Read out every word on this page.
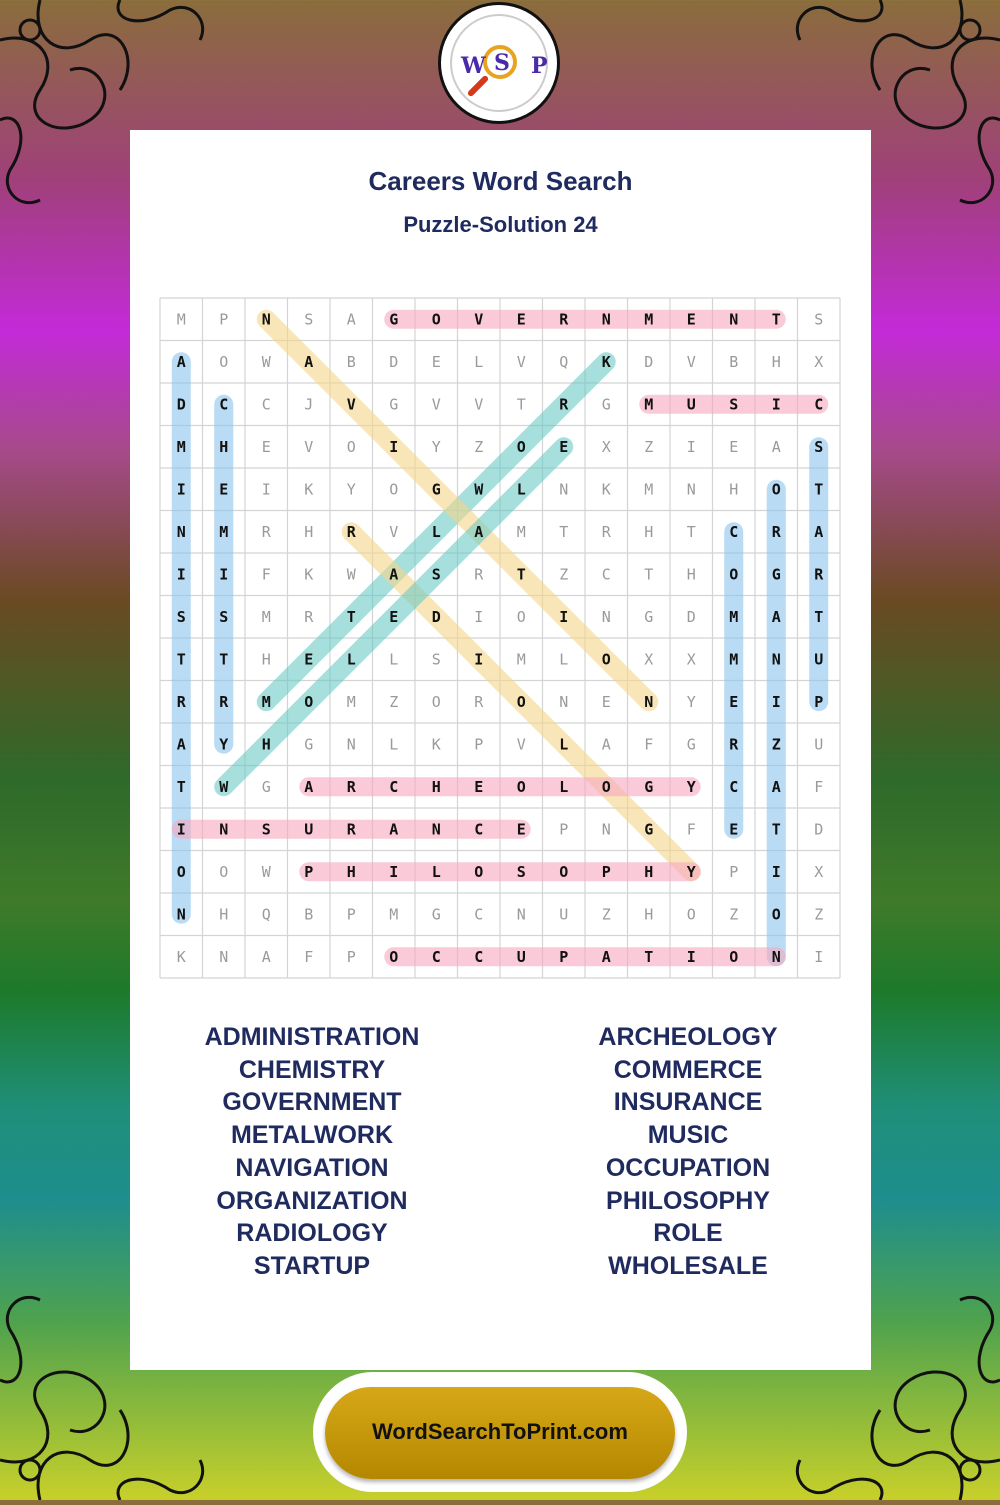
W S P
Careers Word Search
Puzzle-Solution 24
M P N S A G O V E R N M E N T S
A O W A B D E L V Q K D V B H X
D C C J V G V V T R G M U S I C
M H E V O I Y Z O E X Z I E A S
I E I K Y O G W L N K M N H O T
N M R H R V L A M T R H T C R A
I I F K W A S R T Z C T H O G R
S S M R T E D I O I N G D M A T
T T H E L L S I M L O X X M N U
R R M O M Z O R O N E N Y E I P
A Y H G N L K P V L A F G R Z U
T W G A R C H E O L O G Y C A F
I N S U R A N C E P N G F E T D
O O W P H I L O S O P H Y P I X
N H Q B P M G C N U Z H O Z O Z
K N A F P O C C U P A T I O N I
ADMINISTRATION
CHEMISTRY
GOVERNMENT
METALWORK
NAVIGATION
ORGANIZATION
RADIOLOGY
STARTUP
ARCHEOLOGY
COMMERCE
INSURANCE
MUSIC
OCCUPATION
PHILOSOPHY
ROLE
WHOLESALE
WordSearchToPrint.com
